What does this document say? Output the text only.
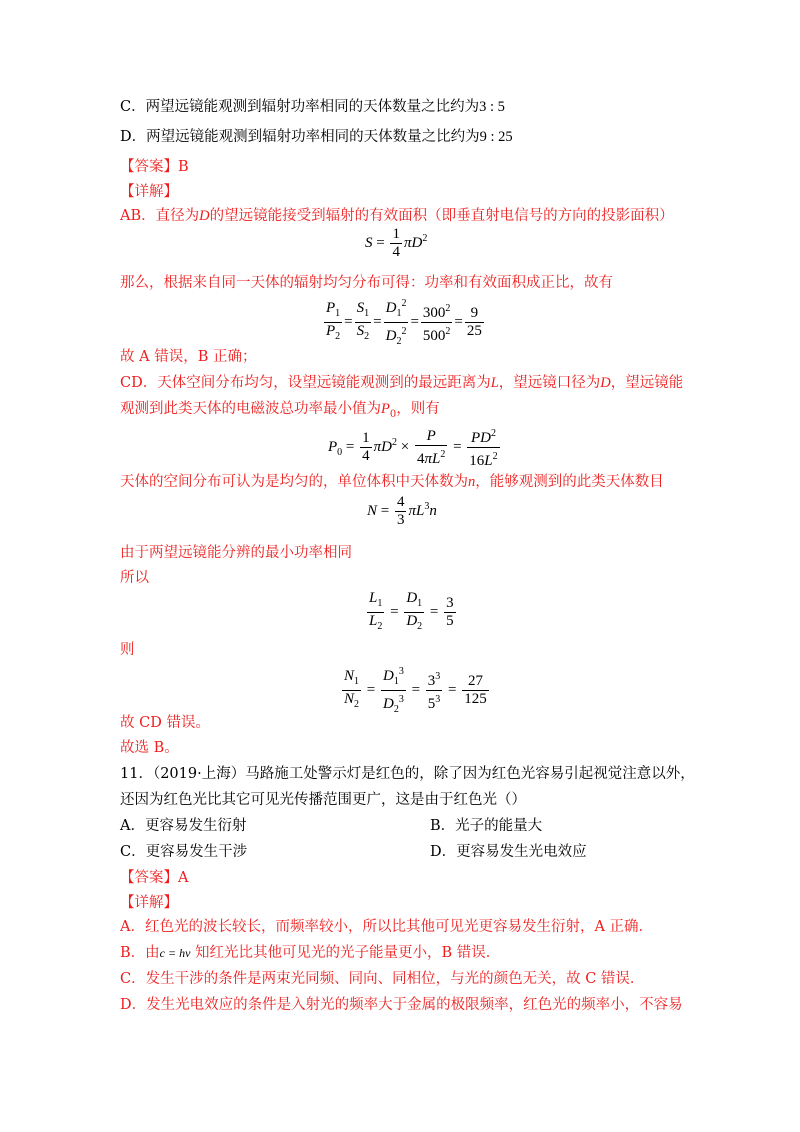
C．两望远镜能观测到辐射功率相同的天体数量之比约为3 : 5
D．两望远镜能观测到辐射功率相同的天体数量之比约为9 : 25
【答案】B
【详解】
AB．直径为D的望远镜能接受到辐射的有效面积（即垂直射电信号的方向的投影面积）
$S = \frac{1}{4} \pi D^2$
那么，根据来自同一天体的辐射均匀分布可得：功率和有效面积成正比，故有
$\frac{P_1}{P_2} = \frac{S_1}{S_2} = \frac{D_1^2}{D_2^2} = \frac{300^2}{500^2} = \frac{9}{25}$
故 A 错误，B 正确；
CD．天体空间分布均匀，设望远镜能观测到的最远距离为L，望远镜口径为D，望远镜能
观测到此类天体的电磁波总功率最小值为$P_0$，则有
$P_0 = \frac{1}{4} \pi D^2 \times \frac{P}{4\pi L^2} = \frac{PD^2}{16L^2}$
天体的空间分布可认为是均匀的，单位体积中天体数为n，能够观测到的此类天体数目
$N = \frac{4}{3} \pi L^3n$
由于两望远镜能分辨的最小功率相同
所以
$\frac{L_1}{L_2} = \frac{D_1}{D_2} = \frac{3}{5}$
则
$\frac{N_1}{N_2} = \frac{D_1^3}{D_2^3} = \frac{3^3}{5^3} = \frac{27}{125}$
故 CD 错误。
故选 B。
11．（2019·上海）马路施工处警示灯是红色的，除了因为红色光容易引起视觉注意以外，
还因为红色光比其它可见光传播范围更广，这是由于红色光（）
A．更容易发生衍射	B．光子的能量大
C．更容易发生干涉	D．更容易发生光电效应
【答案】A
【详解】
A．红色光的波长较长，而频率较小，所以比其他可见光更容易发生衍射，A 正确．
B．由c = hν 知红光比其他可见光的光子能量更小，B 错误．
C．发生干涉的条件是两束光同频、同向、同相位，与光的颜色无关，故 C 错误．
D．发生光电效应的条件是入射光的频率大于金属的极限频率，红色光的频率小，不容易
